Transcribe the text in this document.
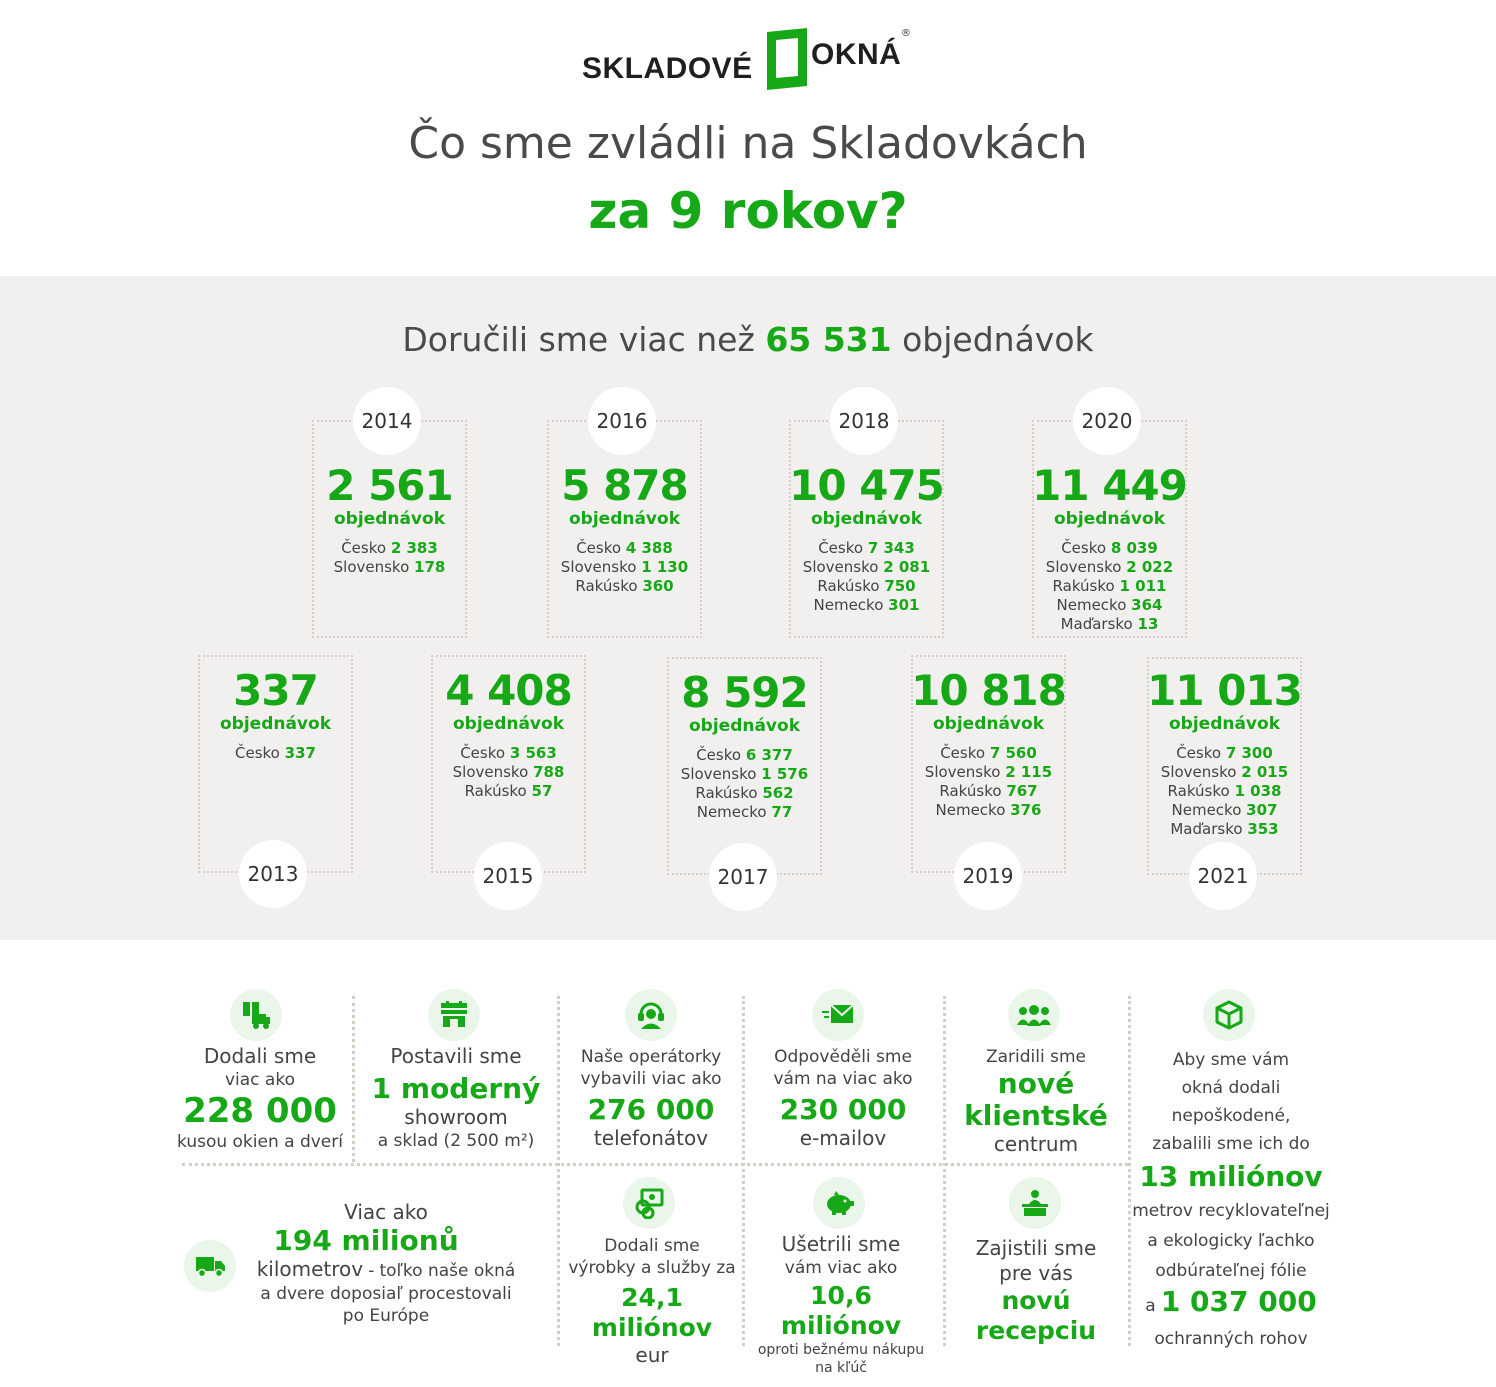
SKLADOVÉ OKNÁ
®
Čo sme zvládli na Skladovkách
za 9 rokov?
Doručili sme viac než 65 531 objednávok
2014
2 561
objednávok
Česko 2 383
Slovensko 178
2016
5 878
objednávok
Česko 4 388
Slovensko 1 130
Rakúsko 360
2018
10 475
objednávok
Česko 7 343
Slovensko 2 081
Rakúsko 750
Nemecko 301
2020
11 449
objednávok
Česko 8 039
Slovensko 2 022
Rakúsko 1 011
Nemecko 364
Maďarsko 13
2013
337
objednávok
Česko 337
2015
4 408
objednávok
Česko 3 563
Slovensko 788
Rakúsko 57
2017
8 592
objednávok
Česko 6 377
Slovensko 1 576
Rakúsko 562
Nemecko 77
2019
10 818
objednávok
Česko 7 560
Slovensko 2 115
Rakúsko 767
Nemecko 376
2021
11 013
objednávok
Česko 7 300
Slovensko 2 015
Rakúsko 1 038
Nemecko 307
Maďarsko 353
Dodali sme
viac ako
228 000
kusou okien a dverí
Postavili sme
1 moderný
showroom
a sklad (2 500 m²)
Naše operátorky
vybavili viac ako
276 000
telefonátov
Odpověděli sme
vám na viac ako
230 000
e-mailov
Zaridili sme
nové
klientské
centrum
Aby sme vám
okná dodali
nepoškodené,
zabalili sme ich do
13 miliónov
metrov recyklovateľnej
a ekologicky ľachko
odbúrateľnej fólie
a 1 037 000
ochranných rohov
Viac ako
194 milionů
kilometrov - toľko naše okná
a dvere doposiaľ procestovali
po Európe
Dodali sme
výrobky a služby za
24,1 miliónov
eur
Ušetrili sme
vám viac ako
10,6 miliónov
oproti bežnému nákupu
na kľúč
Zajistili sme
pre vás
novú
recepciu
